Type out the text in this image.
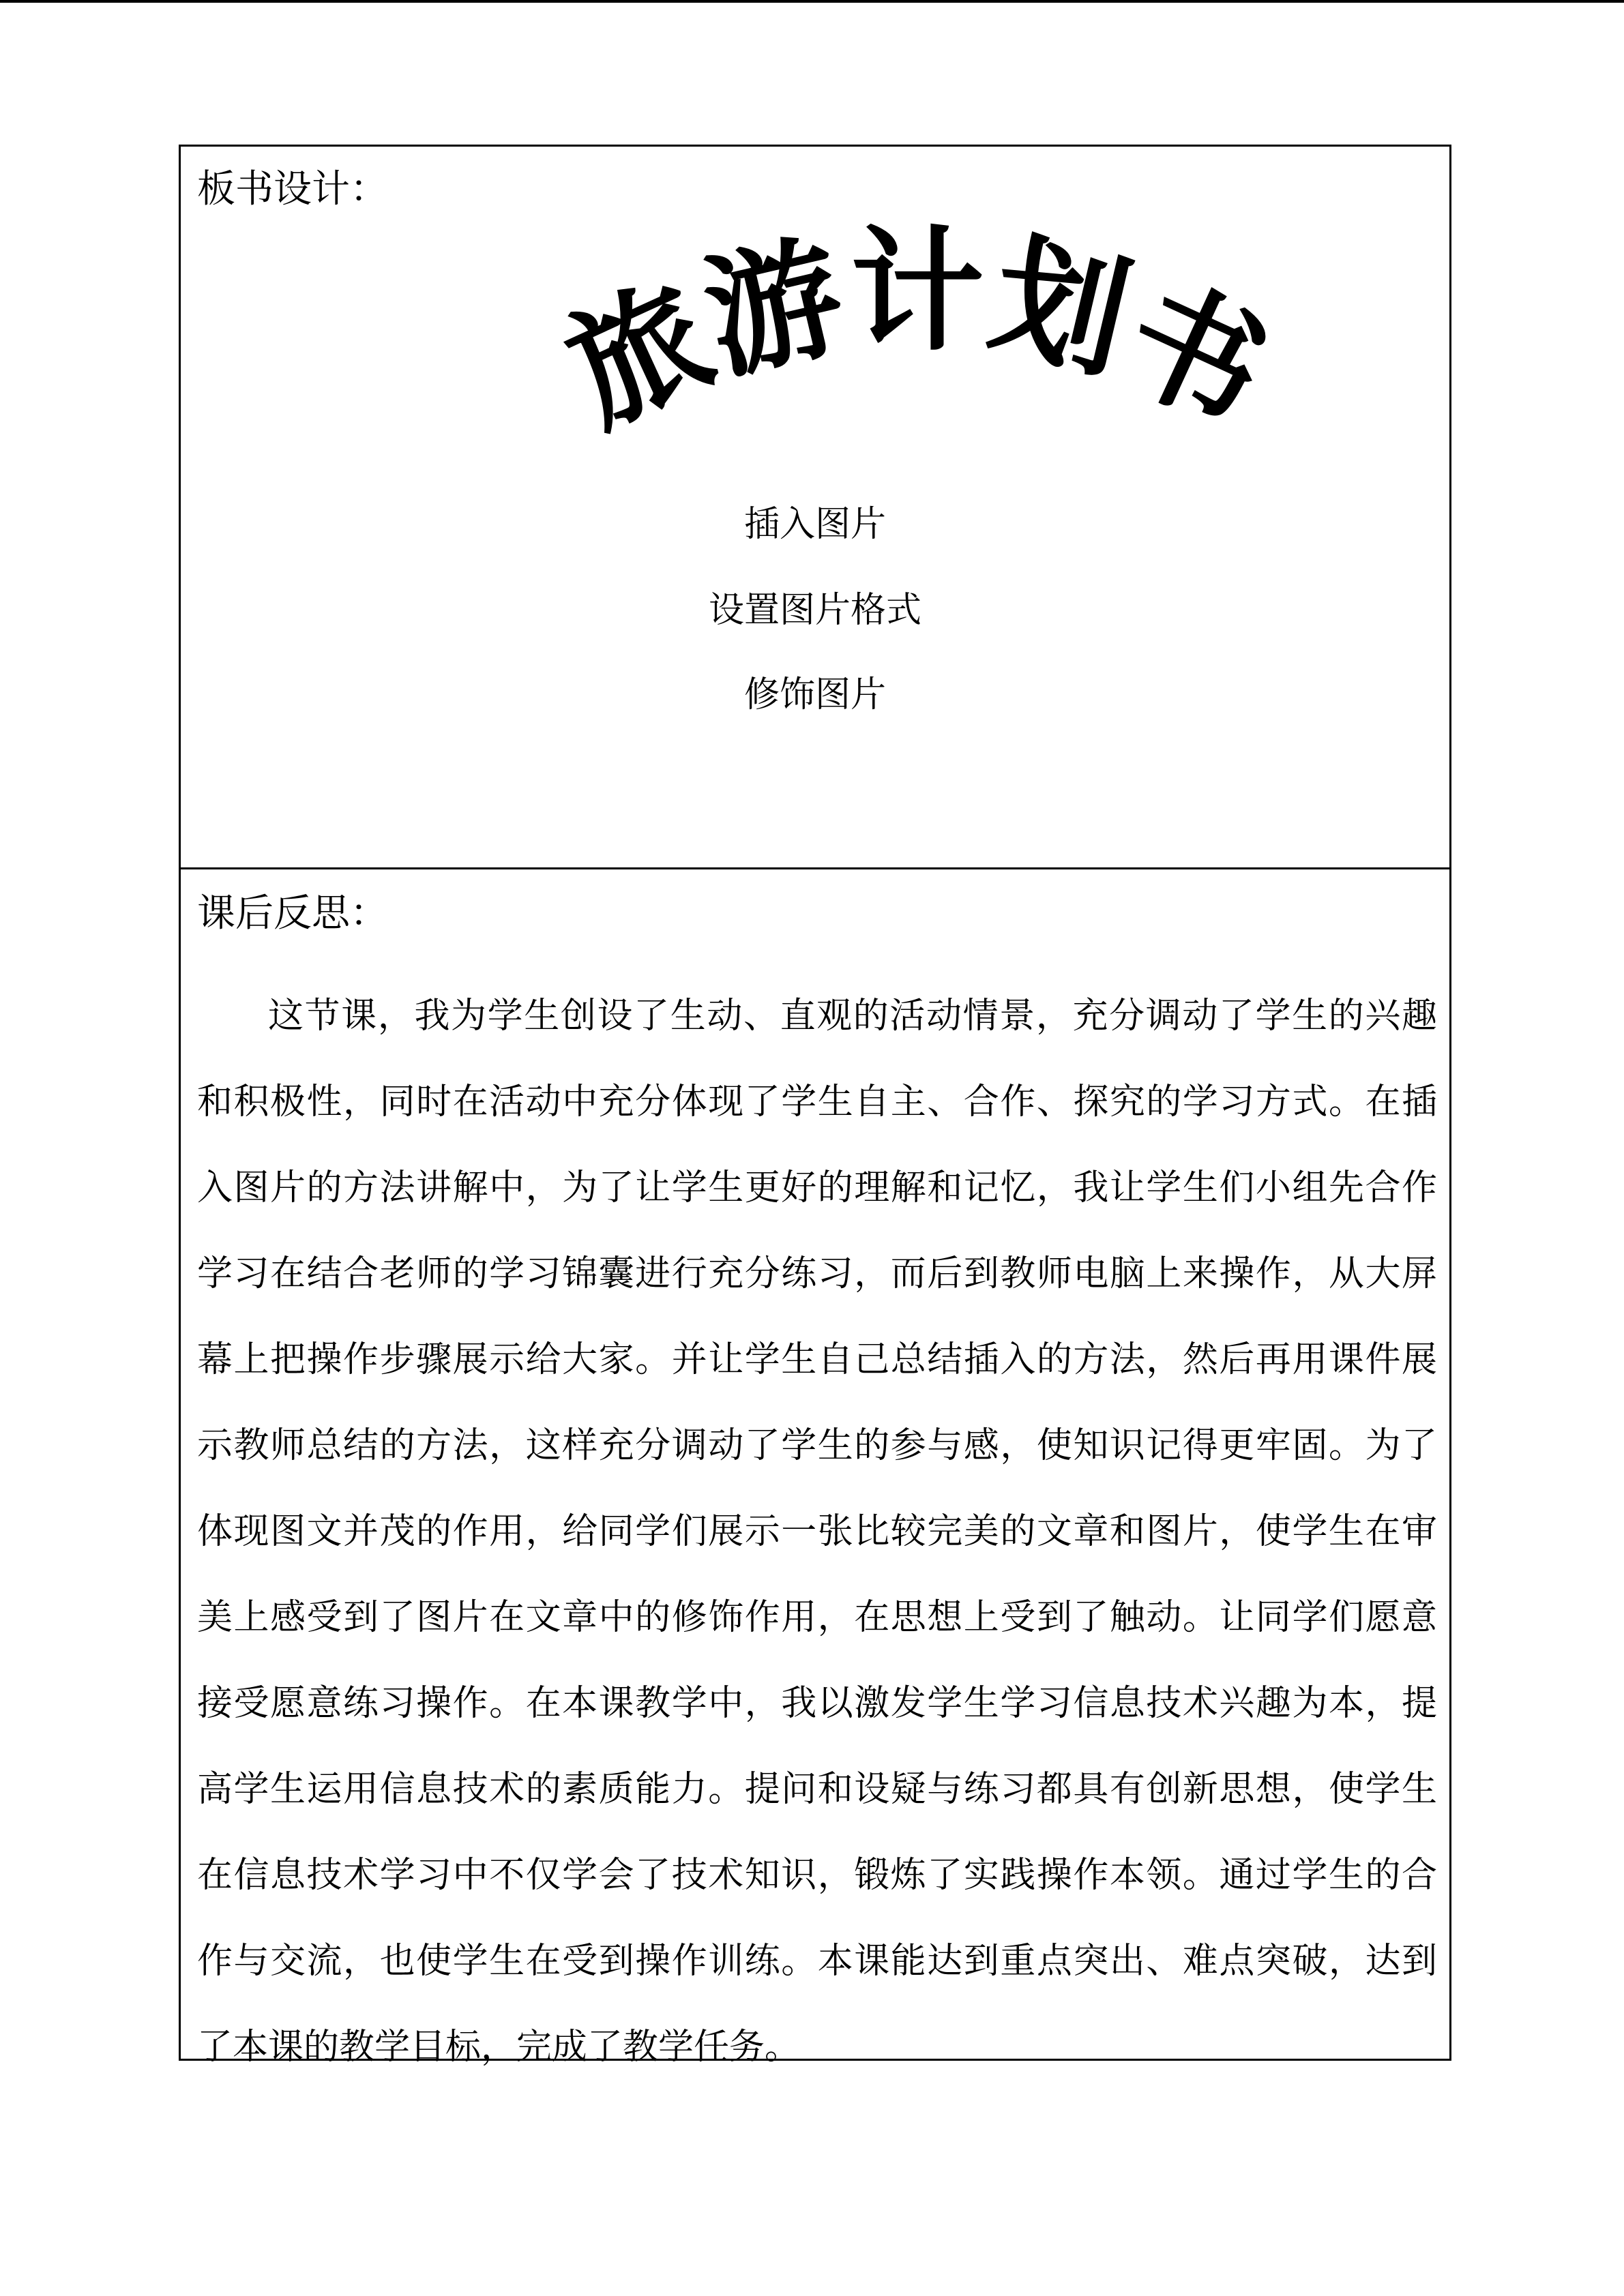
板书设计：
旅游计划书
插入图片
设置图片格式
修饰图片
课后反思：

这节课，我为学生创设了生动、直观的活动情景，充分调动了学生的兴趣和积极性，同时在活动中充分体现了学生自主、合作、探究的学习方式。在插入图片的方法讲解中，为了让学生更好的理解和记忆，我让学生们小组先合作学习在结合老师的学习锦囊进行充分练习，而后到教师电脑上来操作，从大屏幕上把操作步骤展示给大家。并让学生自己总结插入的方法，然后再用课件展示教师总结的方法，这样充分调动了学生的参与感，使知识记得更牢固。为了体现图文并茂的作用，给同学们展示一张比较完美的文章和图片，使学生在审美上感受到了图片在文章中的修饰作用，在思想上受到了触动。让同学们愿意接受愿意练习操作。在本课教学中，我以激发学生学习信息技术兴趣为本，提高学生运用信息技术的素质能力。提问和设疑与练习都具有创新思想，使学生在信息技术学习中不仅学会了技术知识，锻炼了实践操作本领。通过学生的合作与交流，也使学生在受到操作训练。本课能达到重点突出、难点突破，达到了本课的教学目标，完成了教学任务。
